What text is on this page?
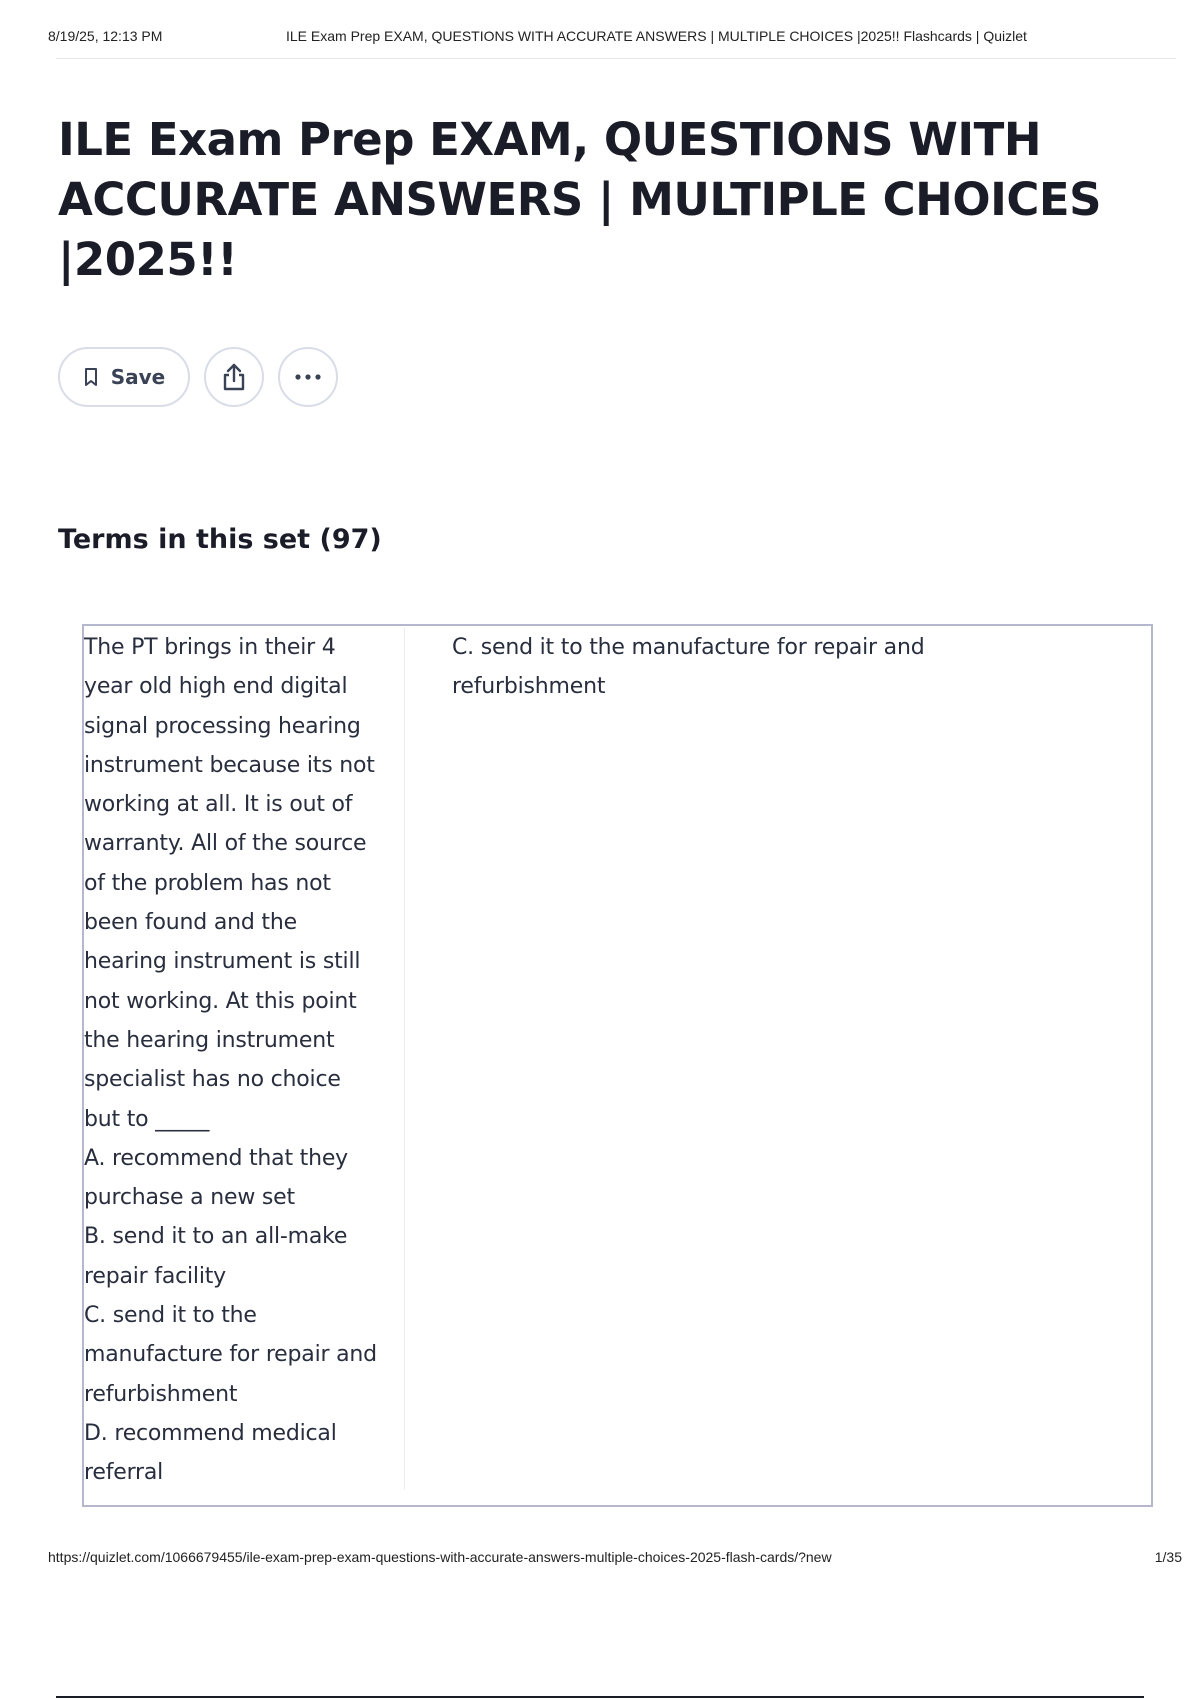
8/19/25, 12:13 PM	ILE Exam Prep EXAM, QUESTIONS WITH ACCURATE ANSWERS | MULTIPLE CHOICES |2025!! Flashcards | Quizlet
ILE Exam Prep EXAM, QUESTIONS WITH ACCURATE ANSWERS | MULTIPLE CHOICES |2025!!
Save
Terms in this set (97)
The PT brings in their 4
year old high end digital
signal processing hearing
instrument because its not
working at all. It is out of
warranty. All of the source
of the problem has not
been found and the
hearing instrument is still
not working. At this point
the hearing instrument
specialist has no choice
but to _____
A. recommend that they
purchase a new set
B. send it to an all-make
repair facility
C. send it to the
manufacture for repair and
refurbishment
D. recommend medical
referral
C. send it to the manufacture for repair and refurbishment
https://quizlet.com/1066679455/ile-exam-prep-exam-questions-with-accurate-answers-multiple-choices-2025-flash-cards/?new	1/35
